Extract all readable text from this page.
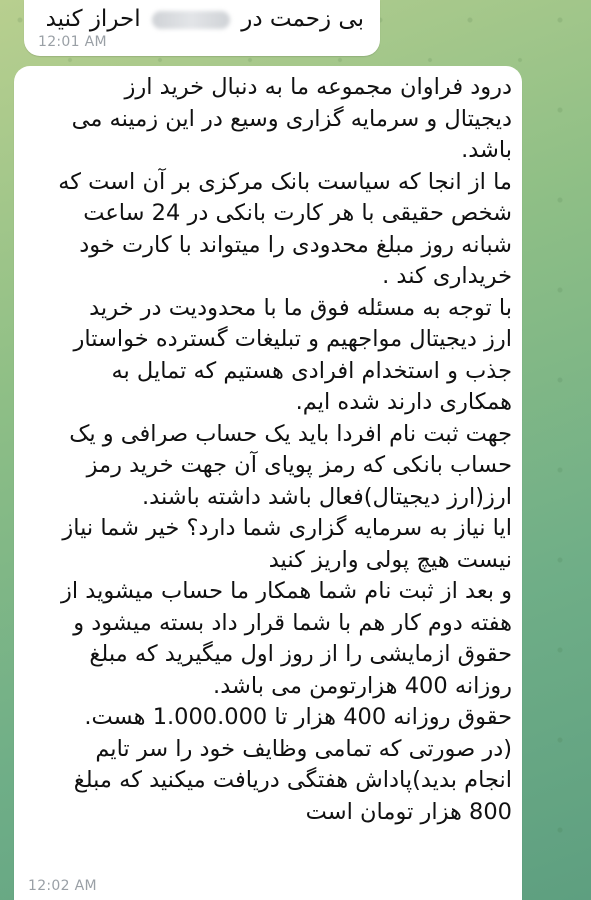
بی زحمت در  احراز کنید
12:01 AM
درود فراوان مجموعه ما به دنبال خرید ارز
دیجیتال و سرمایه گزاری وسیع در این زمینه می
باشد.
ما از انجا که سیاست بانک مرکزی بر آن است که
شخص حقیقی با هر کارت بانکی در 24 ساعت
شبانه روز مبلغ محدودی را میتواند با کارت خود
خریداری کند .
با توجه به مسئله فوق ما با محدودیت در خرید
ارز دیجیتال مواجهیم و تبلیغات گسترده خواستار
جذب و استخدام افرادی هستیم که تمایل به
همکاری دارند شده ایم.
جهت ثبت نام افردا باید یک حساب صرافی و یک
حساب بانکی که رمز پویای آن جهت خرید رمز
ارز(ارز دیجیتال)فعال باشد داشته باشند.
ایا نیاز به سرمایه گزاری شما دارد؟ خیر شما نیاز
نیست هیچ پولی واریز کنید
و بعد از ثبت نام شما همکار ما حساب میشوید از
هفته دوم کار هم با شما قرار داد بسته میشود و
حقوق ازمایشی را از روز اول میگیرید که مبلغ
روزانه 400 هزارتومن می باشد.
حقوق روزانه 400 هزار تا 1.000.000 هست.
(در صورتی که تمامی وظایف خود را سر تایم
انجام بدید)پاداش هفتگی دریافت میکنید که مبلغ
800 هزار تومان است
12:02 AM
